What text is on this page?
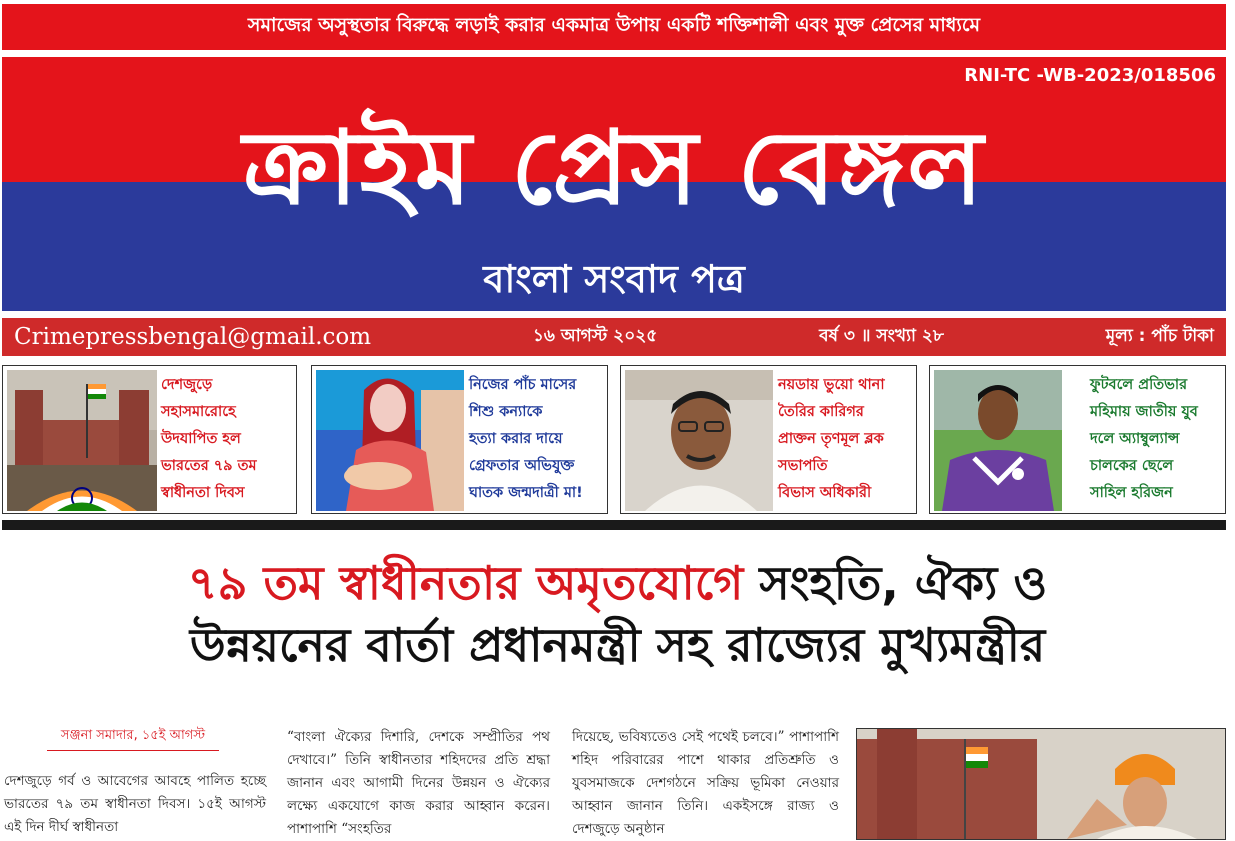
সমাজের অসুস্থতার বিরুদ্ধে লড়াই করার একমাত্র উপায় একটি শক্তিশালী এবং মুক্ত প্রেসের মাধ্যমে
RNI-TC -WB-2023/018506
ক্রাইম প্রেস বেঙ্গল
বাংলা সংবাদ পত্র
Crimepressbengal@gmail.com	১৬ আগস্ট ২০২৫	বর্ষ ৩ ॥ সংখ্যা ২৮	মূল্য : পাঁচ টাকা
দেশজুড়ে
সহাসমারোহে
উদযাপিত হল
ভারতের ৭৯ তম
স্বাধীনতা দিবস
নিজের পাঁচ মাসের
শিশু কন্যাকে
হত্যা করার দায়ে
গ্রেফতার অভিযুক্ত
ঘাতক জন্মদাত্রী মা!
নয়ডায় ভুয়ো থানা
তৈরির কারিগর
প্রাক্তন তৃণমূল ব্লক
সভাপতি
বিভাস অধিকারী
ফুটবলে প্রতিভার
মহিমায় জাতীয় যুব
দলে অ্যাম্বুল্যান্স
চালকের ছেলে
সাহিল হরিজন
৭৯ তম স্বাধীনতার অমৃতযোগে সংহতি, ঐক্য ও
উন্নয়নের বার্তা প্রধানমন্ত্রী সহ রাজ্যের মুখ্যমন্ত্রীর
সঞ্জনা সমাদার, ১৫ই আগস্ট
দেশজুড়ে গর্ব ও আবেগের আবহে পালিত হচ্ছে ভারতের ৭৯ তম স্বাধীনতা দিবস। ১৫ই আগস্ট এই দিন দীর্ঘ স্বাধীনতা
“বাংলা ঐক্যের দিশারি, দেশকে সম্প্রীতির পথ দেখাবে।” তিনি স্বাধীনতার শহিদদের প্রতি শ্রদ্ধা জানান এবং আগামী দিনের উন্নয়ন ও ঐক্যের লক্ষ্যে একযোগে কাজ করার আহ্বান করেন। পাশাপাশি “সংহতির
দিয়েছে, ভবিষ্যতেও সেই পথেই চলবে।” পাশাপাশি শহিদ পরিবারের পাশে থাকার প্রতিশ্রুতি ও যুবসমাজকে দেশগঠনে সক্রিয় ভূমিকা নেওয়ার আহ্বান জানান তিনি। একইসঙ্গে রাজ্য ও দেশজুড়ে অনুষ্ঠান
